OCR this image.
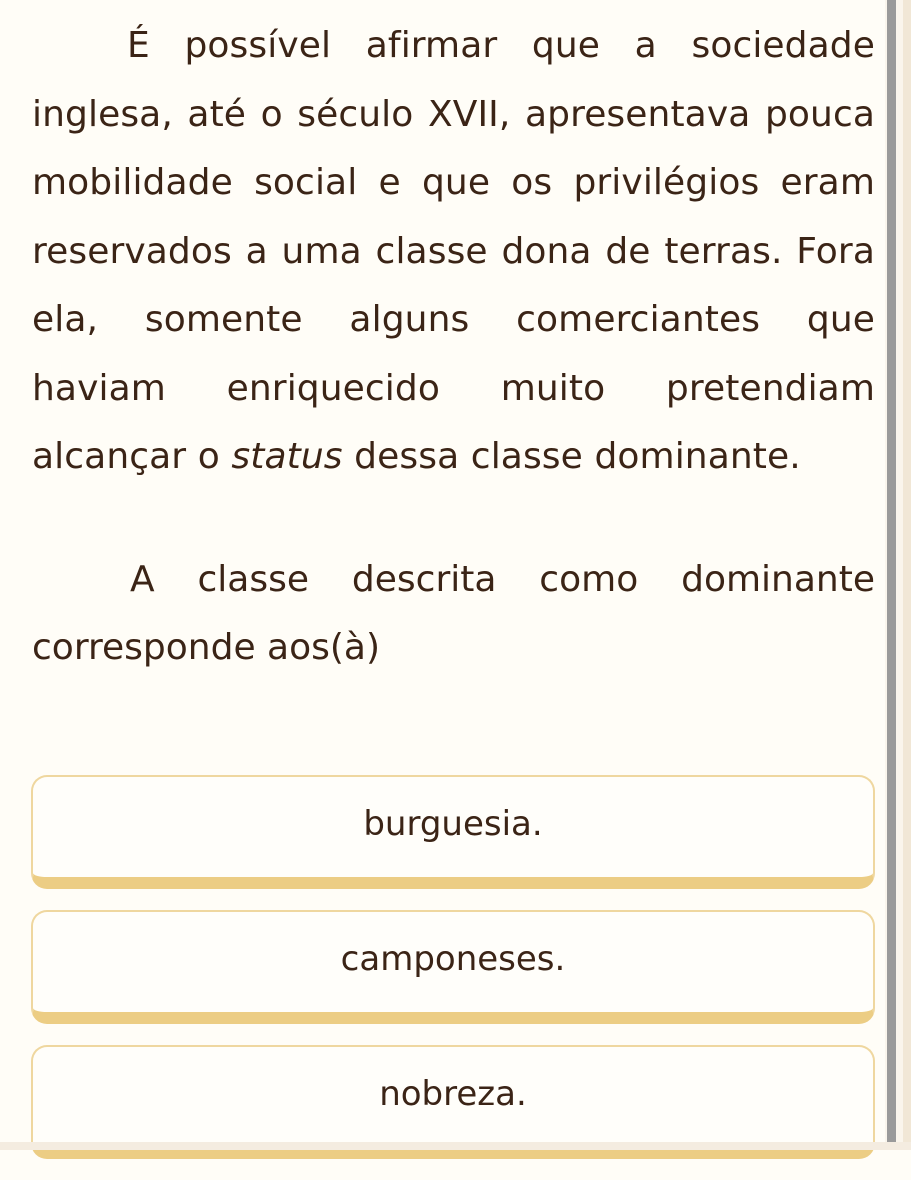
É possível afirmar que a sociedade inglesa, até o século XVII, apresentava pouca mobilidade social e que os privilégios eram reservados a uma classe dona de terras. Fora ela, somente alguns comerciantes que haviam enriquecido muito pretendiam alcançar o status dessa classe dominante.

A classe descrita como dominante corresponde aos(à)

burguesia.
camponeses.
nobreza.
